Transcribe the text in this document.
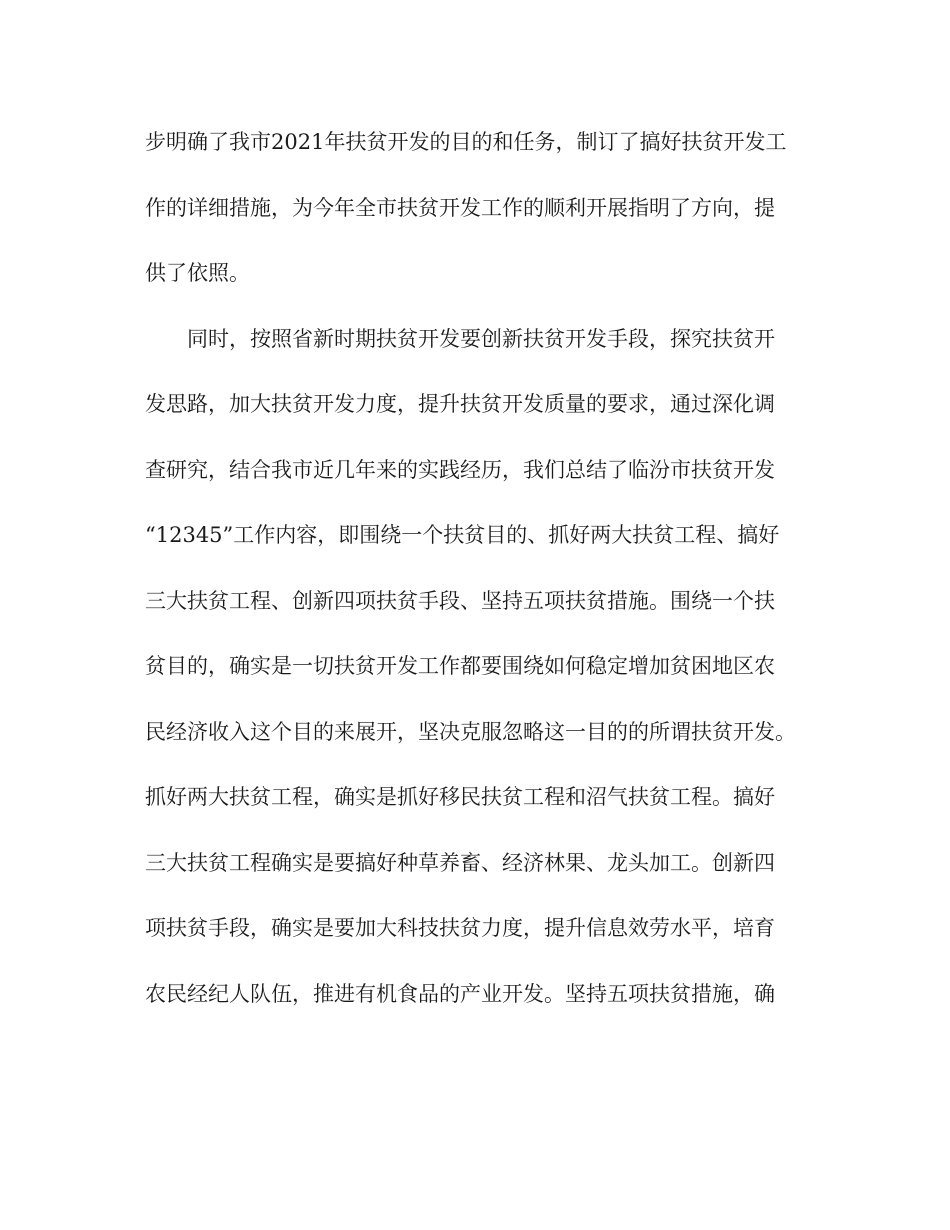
步明确了我市2021年扶贫开发的目的和任务，制订了搞好扶贫开发工
作的详细措施，为今年全市扶贫开发工作的顺利开展指明了方向，提
供了依照。
　　同时，按照省新时期扶贫开发要创新扶贫开发手段，探究扶贫开
发思路，加大扶贫开发力度，提升扶贫开发质量的要求，通过深化调
查研究，结合我市近几年来的实践经历，我们总结了临汾市扶贫开发
“12345”工作内容，即围绕一个扶贫目的、抓好两大扶贫工程、搞好
三大扶贫工程、创新四项扶贫手段、坚持五项扶贫措施。围绕一个扶
贫目的，确实是一切扶贫开发工作都要围绕如何稳定增加贫困地区农
民经济收入这个目的来展开，坚决克服忽略这一目的的所谓扶贫开发。
抓好两大扶贫工程，确实是抓好移民扶贫工程和沼气扶贫工程。搞好
三大扶贫工程确实是要搞好种草养畜、经济林果、龙头加工。创新四
项扶贫手段，确实是要加大科技扶贫力度，提升信息效劳水平，培育
农民经纪人队伍，推进有机食品的产业开发。坚持五项扶贫措施，确
